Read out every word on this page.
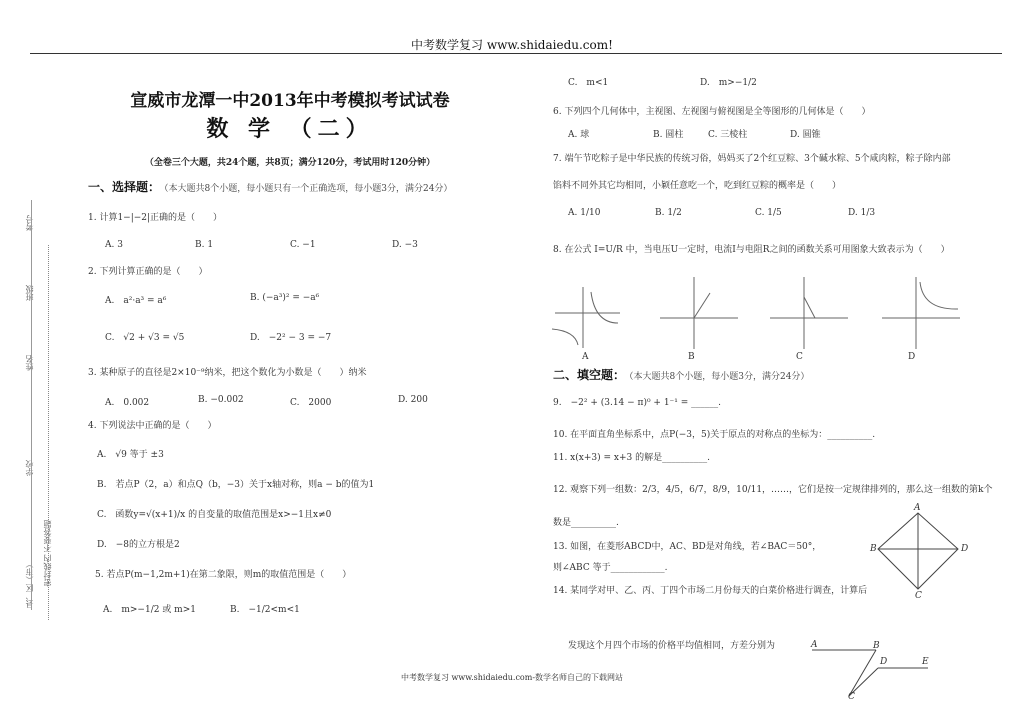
中考数学复习 www.shidaiedu.com!
考号
班级
姓名
学校
县、区（市） 密封线内 不要答题
宣威市龙潭一中2013年中考模拟考试试卷
数 学 （二）
（全卷三个大题，共24个题，共8页；满分120分，考试用时120分钟）
一、选择题： （本大题共8个小题，每小题只有一个正确选项，每小题3分，满分24分）
1. 计算1−|−2|正确的是（　　）
A. 3	B. 1	C. −1	D. −3
2. 下列计算正确的是（　　）
A.　a²·a³ = a⁶	B. (−a³)² = −a⁶
C.　√2 + √3 = √5	D.　−2² − 3 = −7
3. 某种原子的直径是2×10⁻⁹纳米，把这个数化为小数是（　　）纳米
A.　0.002	B. −0.002	C.　2000	D. 200
4. 下列说法中正确的是（　　）
A.　√9 等于 ±3
B.　若点P（2，a）和点Q（b，−3）关于x轴对称，则a − b的值为1
C.　函数y=√(x+1)/x 的自变量的取值范围是x>−1且x≠0
D.　−8的立方根是2
5. 若点P(m−1,2m+1)在第二象限，则m的取值范围是（　　）
A.　m>−1/2 或 m>1	B.　−1/2<m<1
C.　m<1	D.　m>−1/2
6. 下列四个几何体中，主视图、左视图与俯视图是全等图形的几何体是（　　）
A. 球	B. 圆柱	C. 三棱柱	D. 圆锥
7. 端午节吃粽子是中华民族的传统习俗，妈妈买了2个红豆粽、3个碱水粽、5个咸肉粽，粽子除内部
馅料不同外其它均相同，小颖任意吃一个，吃到红豆粽的概率是（　　）
A. 1/10	B. 1/2	C. 1/5	D. 1/3
8. 在公式 I=U/R 中，当电压U一定时，电流I与电阻R之间的函数关系可用图象大致表示为（　　）
A	B	C	D
二、填空题： （本大题共8个小题，每小题3分，满分24分）
9.　−2² + (3.14 − π)⁰ + 1⁻¹ = ______.
10. 在平面直角坐标系中，点P(−3，5)关于原点的对称点的坐标为：__________.
11. x(x+3) = x+3 的解是__________.
12. 观察下列一组数：2/3，4/5，6/7，8/9，10/11，……，它们是按一定规律排列的，那么这一组数的第k个
数是__________.
13. 如图，在菱形ABCD中，AC、BD是对角线，若∠BAC＝50°，
则∠ABC 等于____________.
14. 某同学对甲、乙、丙、丁四个市场二月份每天的白菜价格进行调查，计算后
发现这个月四个市场的价格平均值相同，方差分别为
A
B	D
C
A	B
D	E
C
中考数学复习 www.shidaiedu.com-数学名师自己的下载网站
